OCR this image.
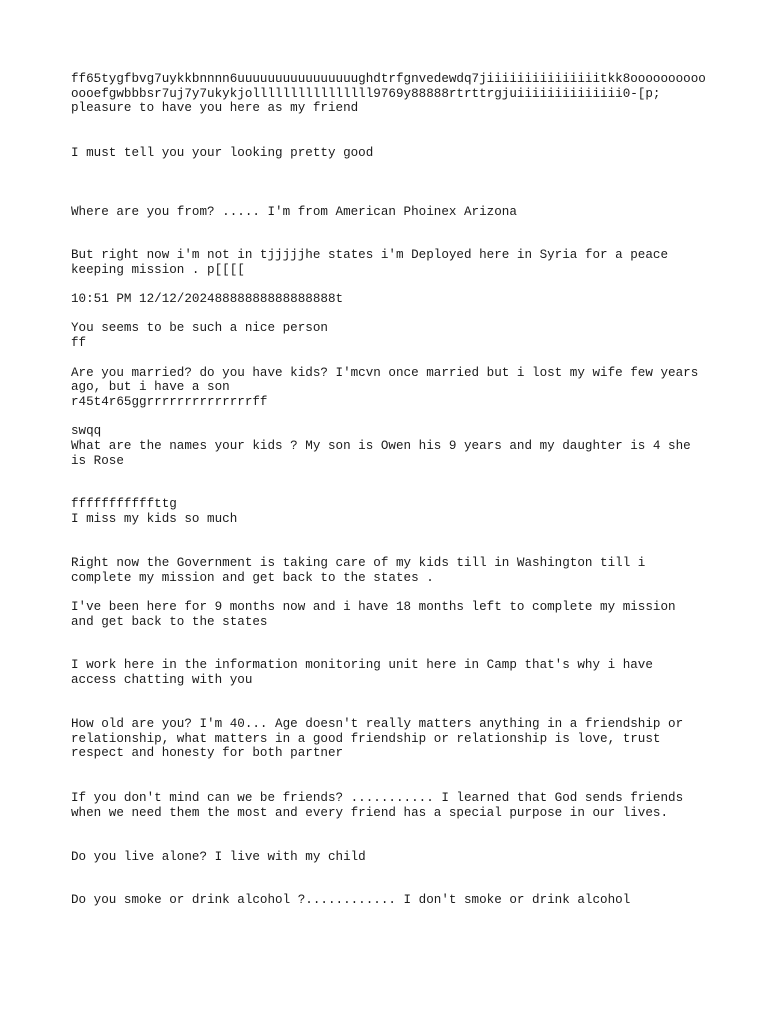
ff65tygfbvg7uykkbnnnn6uuuuuuuuuuuuuuuughdtrfgnvedewdq7jiiiiiiiiiiiiiiitkk8oooooooooo

oooefgwbbbsr7uj7y7ukykjollllllllllllllll9769y88888rtrttrgjuiiiiiiiiiiiiii0-[p;

pleasure to have you here as my friend

I must tell you your looking pretty good

Where are you from? ..... I'm from American Phoinex Arizona

But right now i'm not in tjjjjjhe states i'm Deployed here in Syria for a peace

keeping mission . p[[[[

10:51 PM 12/12/20248888888888888888t

You seems to be such a nice person

ff

Are you married? do you have kids? I'mcvn once married but i lost my wife few years

ago, but i have a son

r45t4r65ggrrrrrrrrrrrrrrff

swqq

What are the names your kids ? My son is Owen his 9 years and my daughter is 4 she

is Rose

fffffffffffttg

I miss my kids so much

Right now the Government is taking care of my kids till in Washington till i

complete my mission and get back to the states .

I've been here for 9 months now and i have 18 months left to complete my mission

and get back to the states

I work here in the information monitoring unit here in Camp that's why i have

access chatting with you

How old are you? I'm 40... Age doesn't really matters anything in a friendship or

relationship, what matters in a good friendship or relationship is love, trust

respect and honesty for both partner

If you don't mind can we be friends? ........... I learned that God sends friends

when we need them the most and every friend has a special purpose in our lives.

Do you live alone? I live with my child

Do you smoke or drink alcohol ?............ I don't smoke or drink alcohol
